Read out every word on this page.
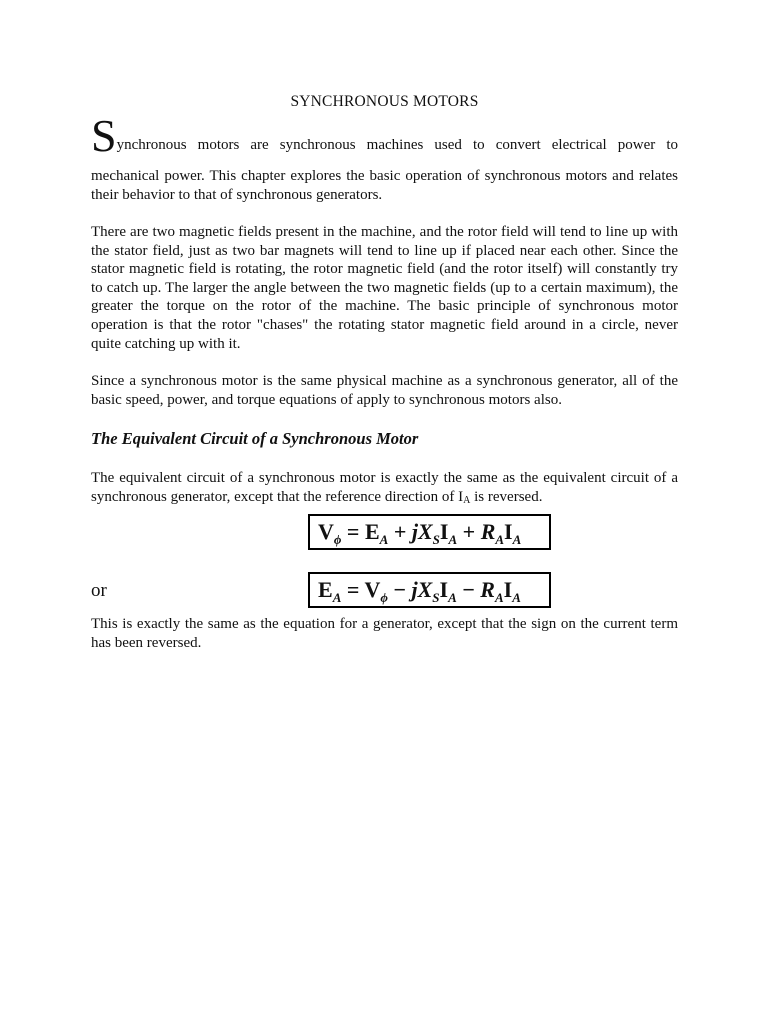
SYNCHRONOUS MOTORS
Synchronous motors are synchronous machines used to convert electrical power to
mechanical power. This chapter explores the basic operation of synchronous motors and relates their behavior to that of synchronous generators.

There are two magnetic fields present in the machine, and the rotor field will tend to line up with the stator field, just as two bar magnets will tend to line up if placed near each other. Since the stator magnetic field is rotating, the rotor magnetic field (and the rotor itself) will constantly try to catch up. The larger the angle between the two magnetic fields (up to a certain maximum), the greater the torque on the rotor of the machine. The basic principle of synchronous motor operation is that the rotor "chases" the rotating stator magnetic field around in a circle, never quite catching up with it.

Since a synchronous motor is the same physical machine as a synchronous generator, all of the basic speed, power, and torque equations of apply to synchronous motors also.

The Equivalent Circuit of a Synchronous Motor

The equivalent circuit of a synchronous motor is exactly the same as the equivalent circuit of a synchronous generator, except that the reference direction of $I_A$ is reversed.

$V_\phi = E_A + jX_SI_A + R_AI_A$

or	$E_A = V_\phi - jX_SI_A - R_AI_A$

This is exactly the same as the equation for a generator, except that the sign on the current term has been reversed.
